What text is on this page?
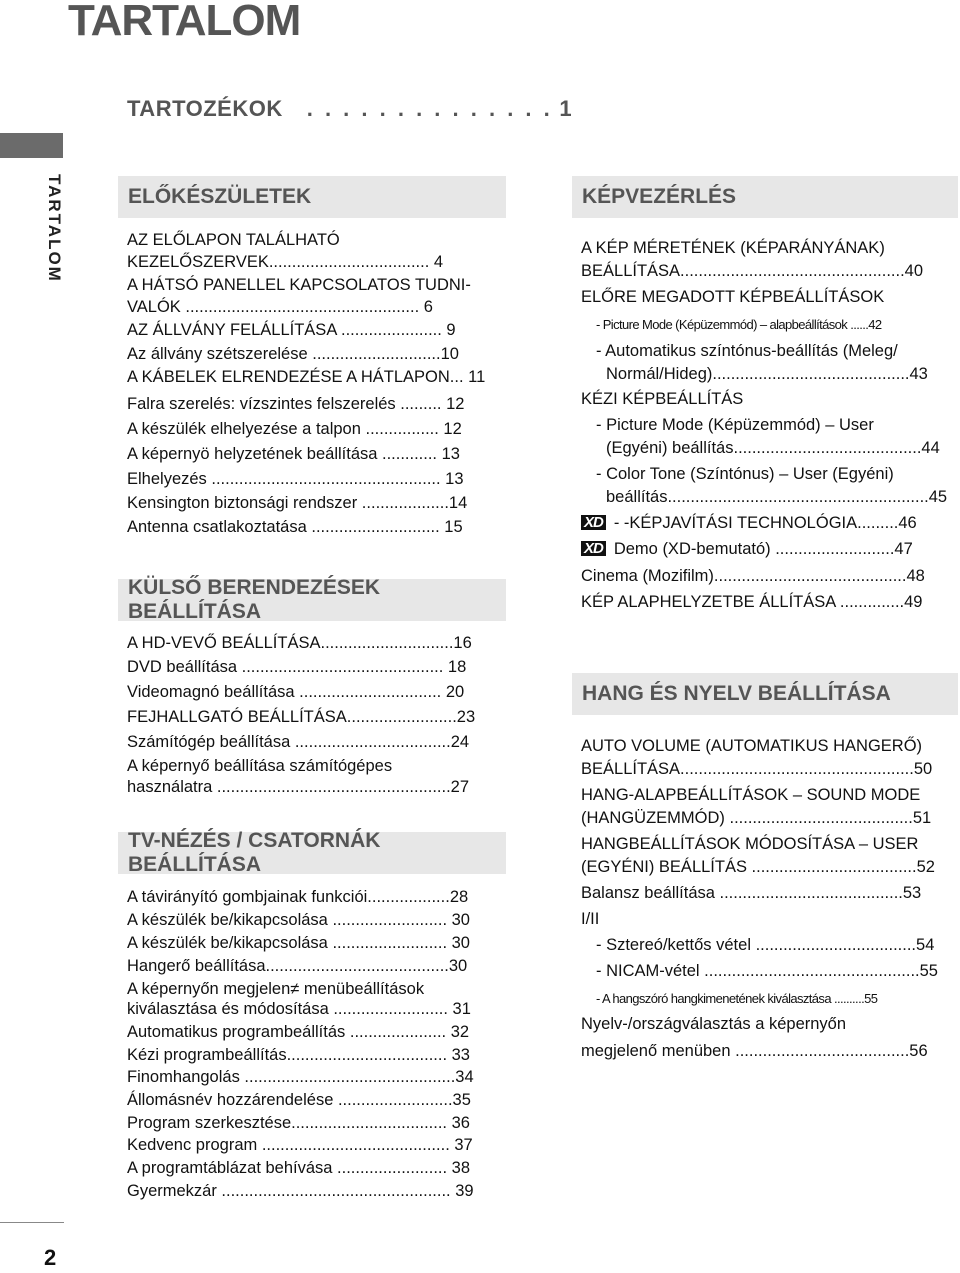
TARTALOM
TARTALOM
2
TARTOZÉKOK . . . . . . . . . . . . . . 1
ELŐKÉSZÜLETEK
AZ ELŐLAPON TALÁLHATÓ
KEZELŐSZERVEK................................... 4
A HÁTSÓ PANELLEL KAPCSOLATOS TUDNI-
VALÓK ................................................... 6
AZ ÁLLVÁNY FELÁLLÍTÁSA ...................... 9
Az állvány szétszerelése ............................10
A KÁBELEK ELRENDEZÉSE A HÁTLAPON... 11
Falra szerelés: vízszintes felszerelés ......... 12
A készülék elhelyezése a talpon ................ 12
A képernyö helyzetének beállítása ............ 13
Elhelyezés .................................................. 13
Kensington biztonsági rendszer ...................14
Antenna csatlakoztatása ............................ 15
KÜLSŐ BERENDEZÉSEK BEÁLLÍTÁSA
A HD-VEVŐ BEÁLLÍTÁSA.............................16
DVD beállítása ............................................ 18
Videomagnó beállítása ............................... 20
FEJHALLGATÓ BEÁLLÍTÁSA........................23
Számítógép beállítása ..................................24
A képernyő beállítása számítógépes
használatra ...................................................27
TV-NÉZÉS / CSATORNÁK BEÁLLÍTÁSA
A távirányító gombjainak funkciói..................28
A készülék be/kikapcsolása ......................... 30
A készülék be/kikapcsolása ......................... 30
Hangerő beállítása........................................30
A képernyőn megjelen≠ menübeállítások
kiválasztása és módosítása ......................... 31
Automatikus programbeállítás ..................... 32
Kézi programbeállítás................................... 33
Finomhangolás ..............................................34
Állomásnév hozzárendelése .........................35
Program szerkesztése.................................. 36
Kedvenc program ......................................... 37
A programtáblázat behívása ........................ 38
Gyermekzár .................................................. 39
KÉPVEZÉRLÉS
A KÉP MÉRETÉNEK (KÉPARÁNYÁNAK)
BEÁLLÍTÁSA.................................................40
ELŐRE MEGADOTT KÉPBEÁLLÍTÁSOK
- Picture Mode (Képüzemmód) – alapbeállítások ......42
- Automatikus színtónus-beállítás (Meleg/
Normál/Hideg)...........................................43
KÉZI KÉPBEÁLLÍTÁS
- Picture Mode (Képüzemmód) – User
(Egyéni) beállítás.........................................44
- Color Tone (Színtónus) – User (Egyéni)
beállítás.........................................................45
XD - -KÉPJAVÍTÁSI TECHNOLÓGIA.........46
XD Demo (XD-bemutató) ..........................47
Cinema (Mozifilm)..........................................48
KÉP ALAPHELYZETBE ÁLLÍTÁSA ..............49
HANG ÉS NYELV BEÁLLÍTÁSA
AUTO VOLUME (AUTOMATIKUS HANGERŐ)
BEÁLLÍTÁSA...................................................50
HANG-ALAPBEÁLLÍTÁSOK – SOUND MODE
(HANGÜZEMMÓD) ........................................51
HANGBEÁLLÍTÁSOK MÓDOSÍTÁSA – USER
(EGYÉNI) BEÁLLÍTÁS ....................................52
Balansz beállítása ........................................53
I/II
- Sztereó/kettős vétel ...................................54
- NICAM-vétel ...............................................55
- A hangszóró hangkimenetének kiválasztása ..........55
Nyelv-/országválasztás a képernyőn
megjelenő menüben ......................................56
